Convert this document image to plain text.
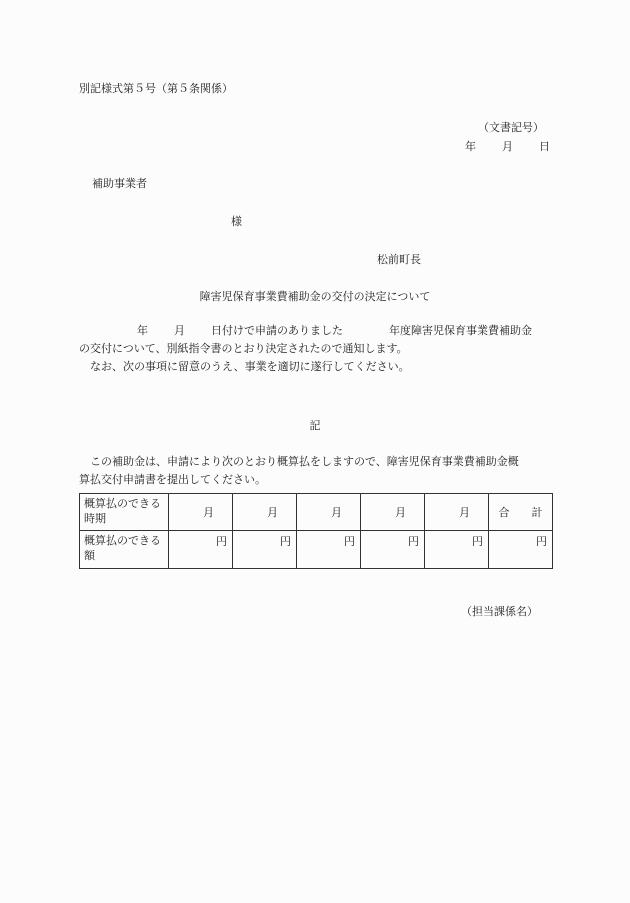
別記様式第５号（第５条関係）
（文書記号）
年 月 日
補助事業者
様
松前町長
障害児保育事業費補助金の交付の決定について
年 月 日付けで申請のありました	年度障害児保育事業費補助金
の交付について、別紙指令書のとおり決定されたので通知します。
なお、次の事項に留意のうえ、事業を適切に遂行してください。
記
この補助金は、申請により次のとおり概算払をしますので、障害児保育事業費補助金概
算払交付申請書を提出してください。
概算払のできる時期	月	月	月	月	月	合　　計
概算払のできる額	円	円	円	円	円	円
（担当課係名）
